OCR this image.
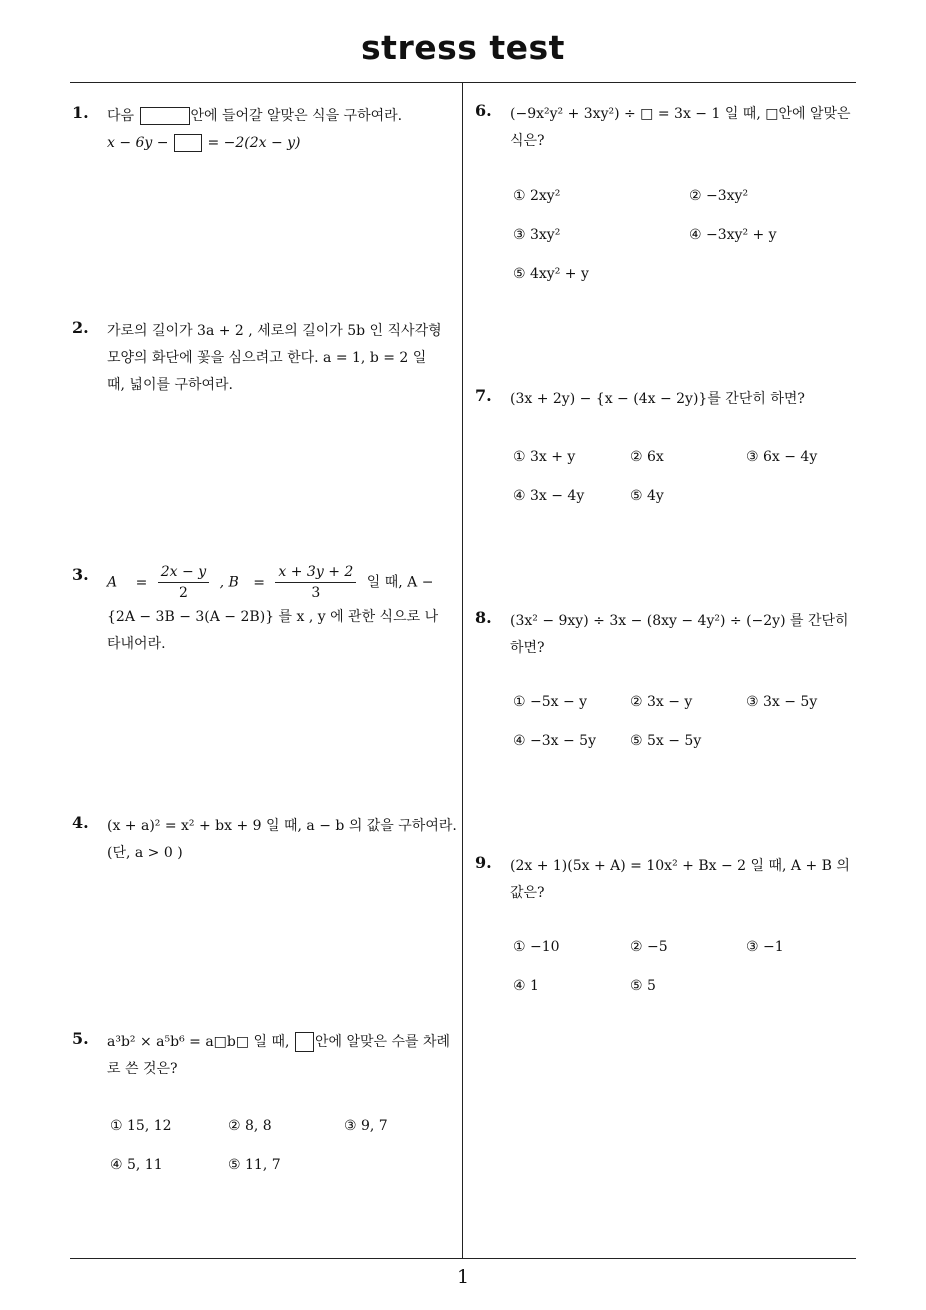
stress test
1
1. 다음	안에 들어갈 알맞은 식을 구하여라.
x − 6y −	= −2(2x − y)
2. 가로의 길이가 3a + 2 , 세로의 길이가 5b 인 직사각형
모양의 화단에 꽃을 심으려고 한다. a = 1, b = 2 일
때, 넓이를 구하여라.
3. $A = \frac{2x - y}{2}$ , $B = \frac{x + 3y + 2}{3}$ 일 때, A −
{2A − 3B − 3(A − 2B)} 를 x , y 에 관한 식으로 나
타내어라.
4. (x + a)² = x² + bx + 9 일 때, a − b 의 값을 구하여라.
(단, a > 0 )
5. a³b² × a⁵b⁶ = a□b□ 일 때, 안에 알맞은 수를 차례
로 쓴 것은?
① 15, 12	② 8, 8	③ 9, 7
④ 5, 11	⑤ 11, 7
6. (−9x²y² + 3xy²) ÷ □ = 3x − 1 일 때, □안에 알맞은
식은?
① 2xy²	② −3xy²
③ 3xy²	④ −3xy² + y
⑤ 4xy² + y
7. (3x + 2y) − {x − (4x − 2y)}를 간단히 하면?
① 3x + y	② 6x	③ 6x − 4y
④ 3x − 4y	⑤ 4y
8. (3x² − 9xy) ÷ 3x − (8xy − 4y²) ÷ (−2y) 를 간단히
하면?
① −5x − y	② 3x − y	③ 3x − 5y
④ −3x − 5y ⑤ 5x − 5y
9. (2x + 1)(5x + A) = 10x² + Bx − 2 일 때, A + B 의
값은?
① −10	② −5	③ −1
④ 1	⑤ 5
